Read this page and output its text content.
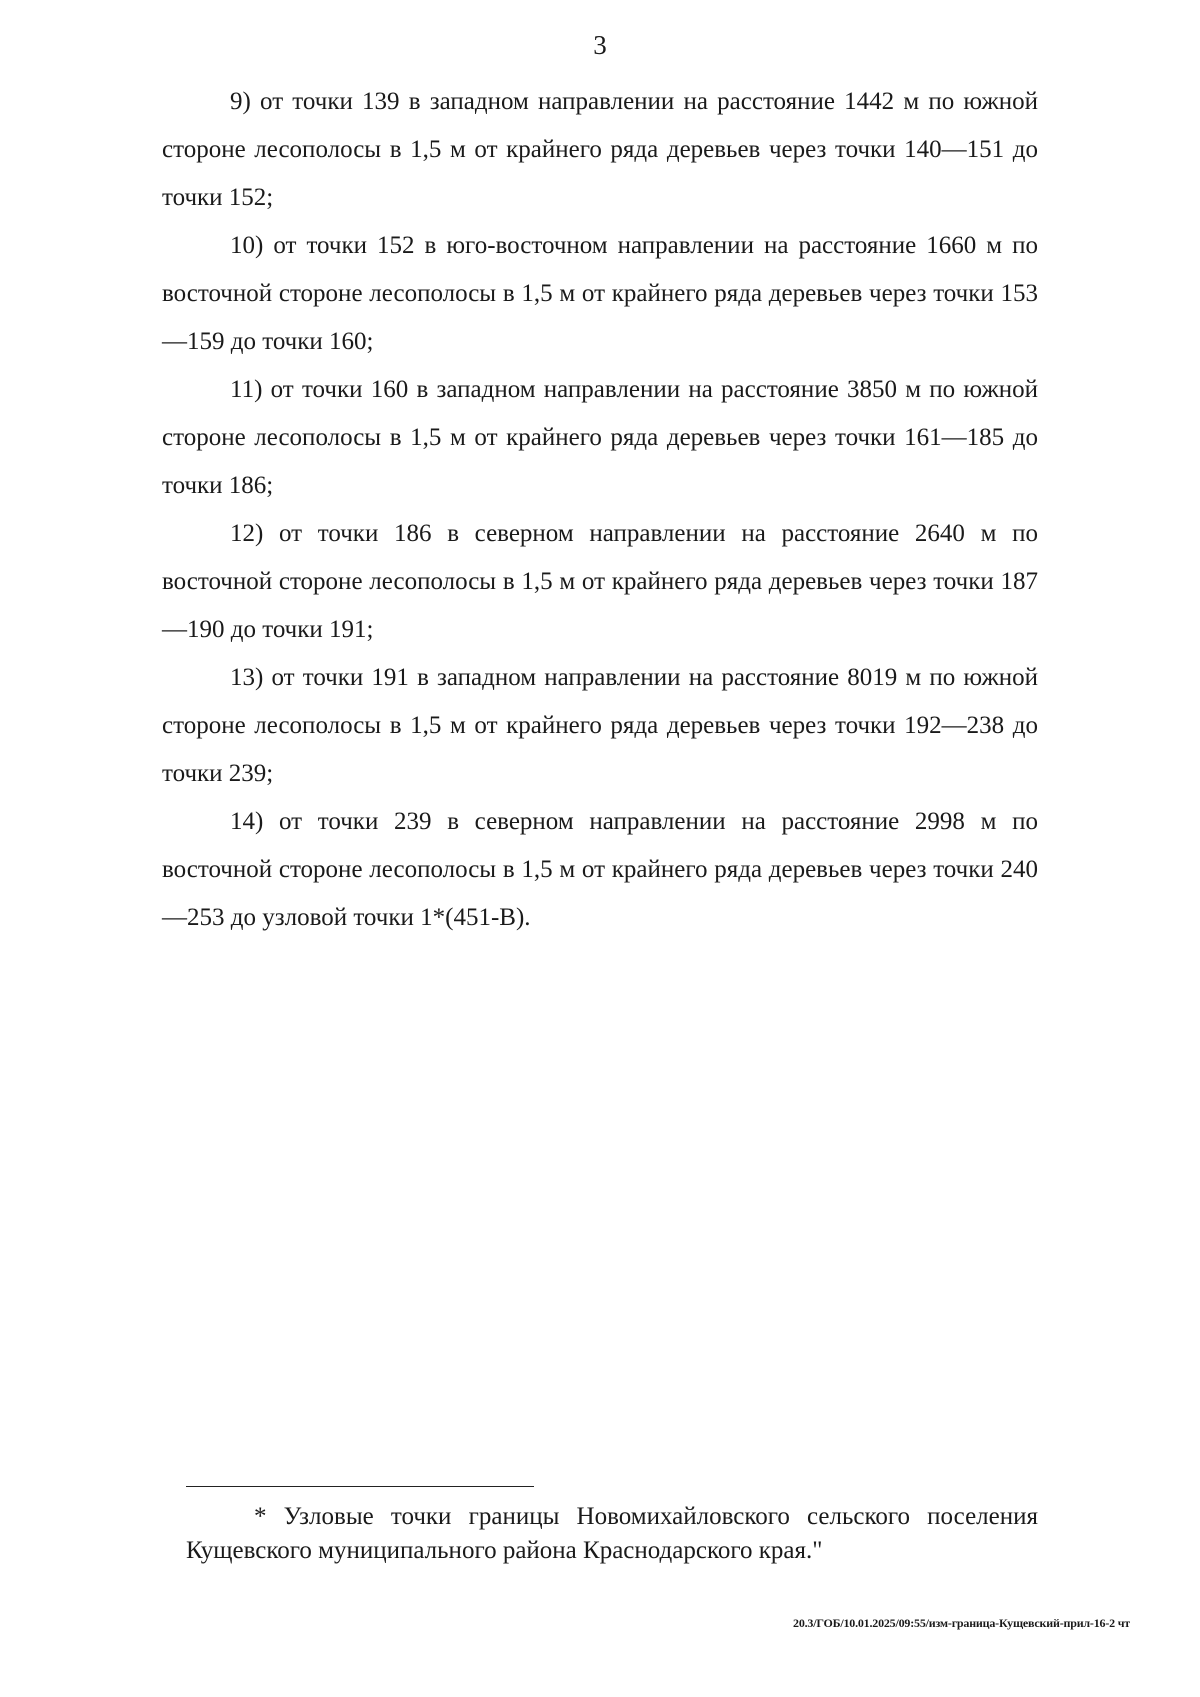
3

9) от точки 139 в западном направлении на расстояние 1442 м по южной стороне лесополосы в 1,5 м от крайнего ряда деревьев через точки 140—151 до точки 152;

10) от точки 152 в юго-восточном направлении на расстояние 1660 м по восточной стороне лесополосы в 1,5 м от крайнего ряда деревьев через точки 153—159 до точки 160;

11) от точки 160 в западном направлении на расстояние 3850 м по южной стороне лесополосы в 1,5 м от крайнего ряда деревьев через точки 161—185 до точки 186;

12) от точки 186 в северном направлении на расстояние 2640 м по восточной стороне лесополосы в 1,5 м от крайнего ряда деревьев через точки 187—190 до точки 191;

13) от точки 191 в западном направлении на расстояние 8019 м по южной стороне лесополосы в 1,5 м от крайнего ряда деревьев через точки 192—238 до точки 239;

14) от точки 239 в северном направлении на расстояние 2998 м по восточной стороне лесополосы в 1,5 м от крайнего ряда деревьев через точки 240—253 до узловой точки 1*(451-В).

* Узловые точки границы Новомихайловского сельского поселения Кущевского муниципального района Краснодарского края."

20.3/ГОБ/10.01.2025/09:55/изм-граница-Кущевский-прил-16-2 чт
